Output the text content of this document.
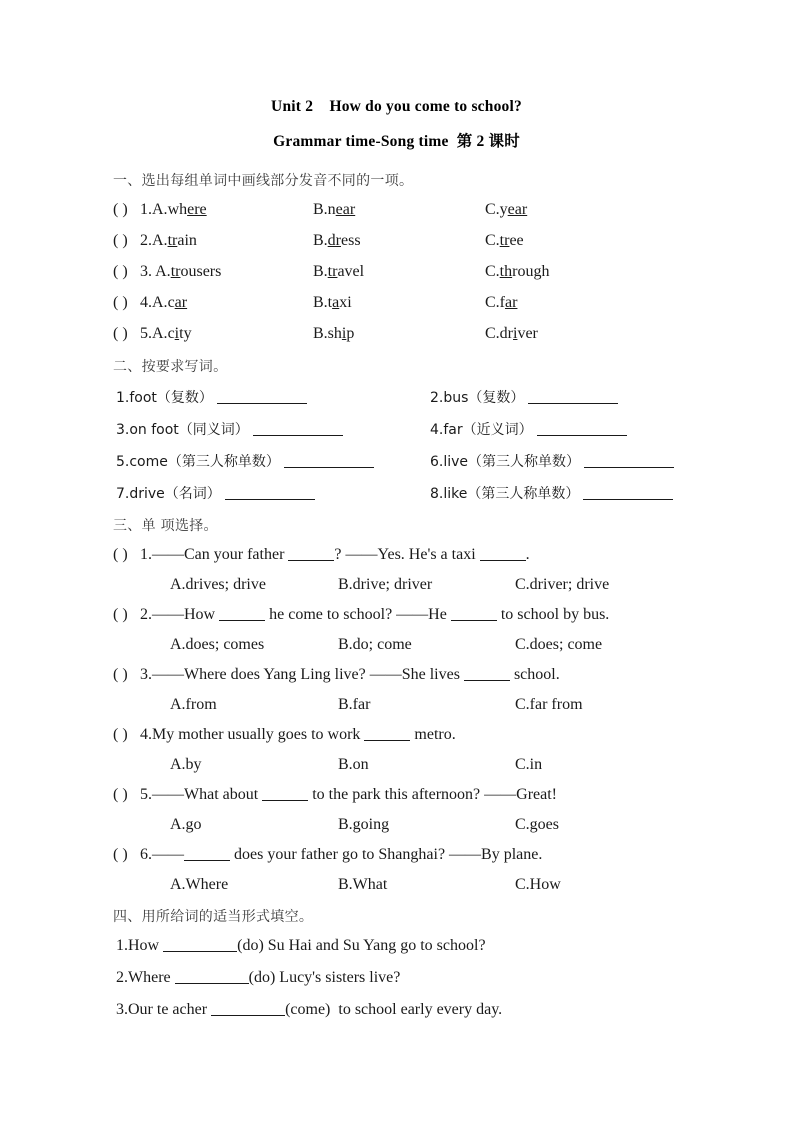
Unit 2    How do you come to school?
Grammar time-Song time  第 2 课时
一、选出每组单词中画线部分发音不同的一项。
( ) 1.A.where	B.near	C.year
( ) 2.A.train	B.dress	C.tree
( ) 3. A.trousers	B.travel	C.through
( ) 4.A.car	B.taxi	C.far
( ) 5.A.city	B.ship	C.driver
二、按要求写词。
1.foot（复数）	2.bus（复数）
3.on foot（同义词）	4.far（近义词）
5.come（第三人称单数）	6.live（第三人称单数）
7.drive（名词）	8.like（第三人称单数）
三、单 项选择。
( ) 1.——Can your father	? ——Yes. He's a taxi	.
A.drives; drive	B.drive; driver	C.driver; drive
( ) 2.——How	he come to school? ——He	to school by bus.
A.does; comes	B.do; come	C.does; come
( ) 3.——Where does Yang Ling live? ——She lives	school.
A.from	B.far	C.far from
( ) 4.My mother usually goes to work	metro.
A.by	B.on	C.in
( ) 5.——What about	to the park this afternoon? ——Great!
A.go	B.going	C.goes
( ) 6.——	does your father go to Shanghai? ——By plane.
A.Where	B.What	C.How
四、用所给词的适当形式填空。

1.How	(do) Su Hai and Su Yang go to school?

2.Where	(do) Lucy's sisters live?

3.Our te acher	(come)  to school early every day.
